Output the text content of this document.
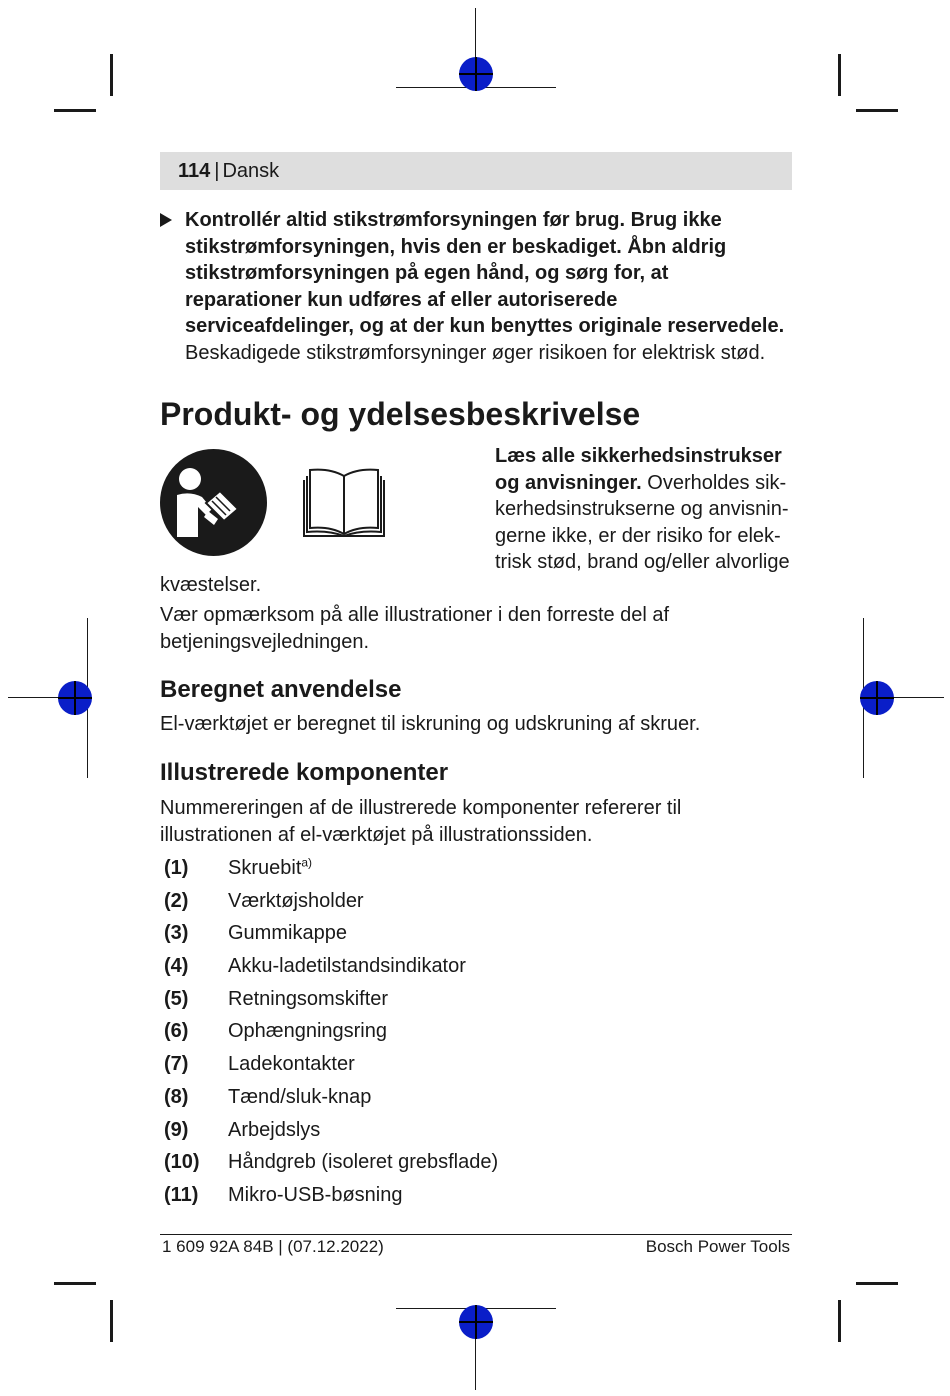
114 | Dansk
Kontrollér altid stikstrømforsyningen før brug. Brug ikke stikstrømforsyningen, hvis den er beskadiget. Åbn aldrig stikstrømforsyningen på egen hånd, og sørg for, at reparationer kun udføres af eller autoriserede serviceafdelinger, og at der kun benyttes originale reservedele. Beskadigede stikstrømforsyninger øger risikoen for elektrisk stød.
Produkt- og ydelsesbeskrivelse
Læs alle sikkerhedsinstrukser og anvisninger. Overholdes sikkerhedsinstrukserne og anvisningerne ikke, er der risiko for elektrisk stød, brand og/eller alvorlige
kvæstelser.
Vær opmærksom på alle illustrationer i den forreste del af betjeningsvejledningen.
Beregnet anvendelse
El-værktøjet er beregnet til iskruning og udskruning af skruer.
Illustrerede komponenter
Nummereringen af de illustrerede komponenter refererer til illustrationen af el-værktøjet på illustrationssiden.
(1) Skruebit$^{a)}$
(2) Værktøjsholder
(3) Gummikappe
(4) Akku-ladetilstandsindikator
(5) Retningsomskifter
(6) Ophængningsring
(7) Ladekontakter
(8) Tænd/sluk-knap
(9) Arbejdslys
(10) Håndgreb (isoleret grebsflade)
(11) Mikro-USB-bøsning
1 609 92A 84B | (07.12.2022)	Bosch Power Tools
